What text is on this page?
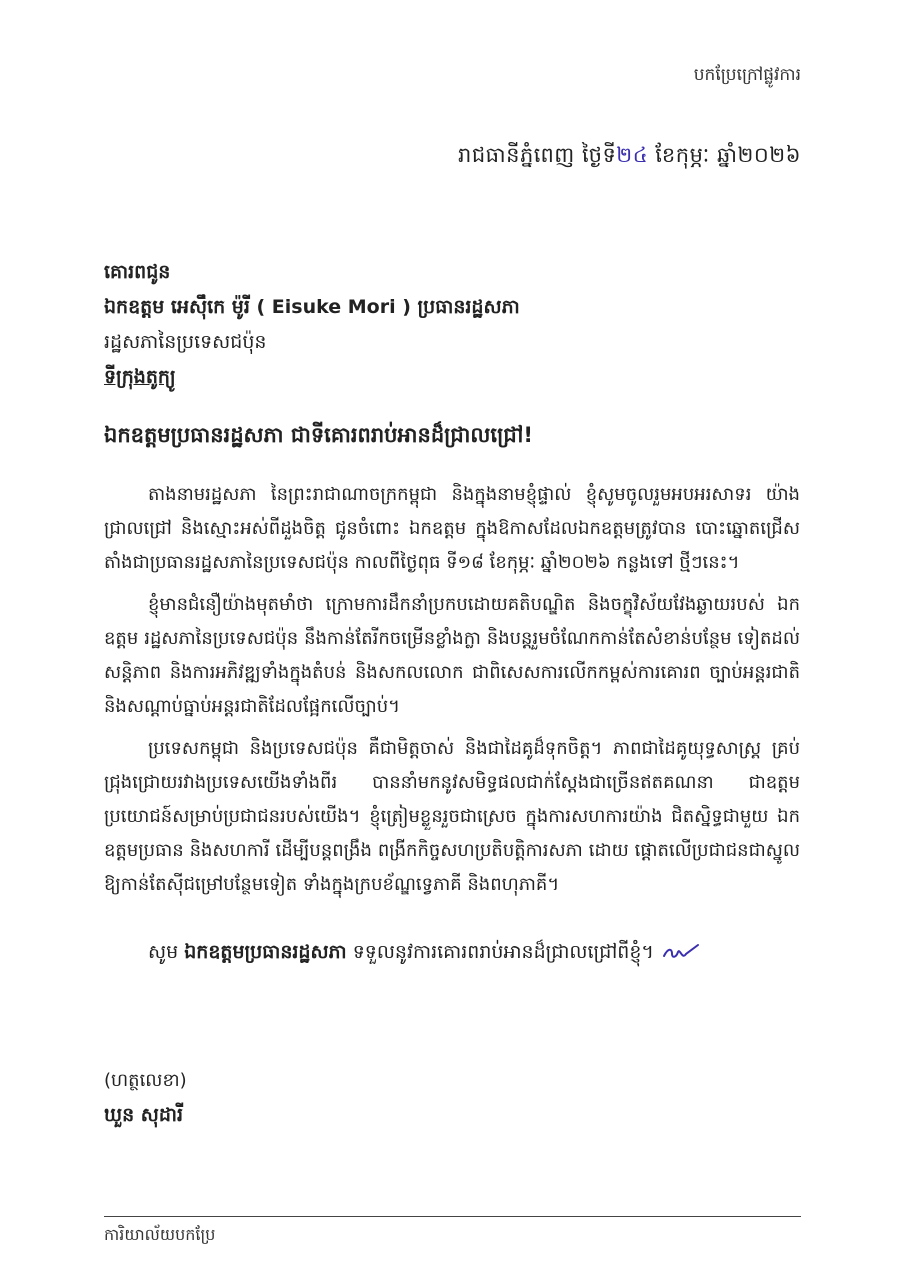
បកប្រែក្រៅផ្លូវការ
រាជធានីភ្នំពេញ ថ្ងៃទី២៤ ខែកុម្ភៈ ឆ្នាំ២០២៦
គោរពជូន
ឯកឧត្តម អេស៊ឹកេ ម៉ូរី ( Eisuke Mori ) ប្រធានរដ្ឋសភា
រដ្ឋសភានៃប្រទេសជប៉ុន
ទីក្រុងតូក្យូ
ឯកឧត្តមប្រធានរដ្ឋសភា ជាទីគោរពរាប់អានដ៏ជ្រាលជ្រៅ!

តាងនាមរដ្ឋសភា នៃព្រះរាជាណាចក្រកម្ពុជា និងក្នុងនាមខ្ញុំផ្ទាល់ ខ្ញុំសូមចូលរួមអបអរសាទរ យ៉ាងជ្រាលជ្រៅ និងស្មោះអស់ពីដួងចិត្ត ជូនចំពោះ ឯកឧត្តម ក្នុងឱកាសដែលឯកឧត្តមត្រូវបាន បោះឆ្នោតជ្រើសតាំងជាប្រធានរដ្ឋសភានៃប្រទេសជប៉ុន កាលពីថ្ងៃពុធ ទី១៨ ខែកុម្ភៈ ឆ្នាំ២០២៦ កន្លងទៅ ថ្មីៗនេះ។

ខ្ញុំមានជំនឿយ៉ាងមុតមាំថា ក្រោមការដឹកនាំប្រកបដោយគតិបណ្ឌិត និងចក្ខុវិស័យវែងឆ្ងាយរបស់ ឯកឧត្តម រដ្ឋសភានៃប្រទេសជប៉ុន នឹងកាន់តែរីកចម្រើនខ្លាំងក្លា និងបន្តរួមចំណែកកាន់តែសំខាន់បន្ថែម ទៀតដល់សន្តិភាព និងការអភិវឌ្ឍទាំងក្នុងតំបន់ និងសកលលោក ជាពិសេសការលើកកម្ពស់ការគោរព ច្បាប់អន្តរជាតិ និងសណ្តាប់ធ្នាប់អន្តរជាតិដែលផ្អែកលើច្បាប់។

ប្រទេសកម្ពុជា និងប្រទេសជប៉ុន គឺជាមិត្តចាស់ និងជាដៃគូដ៏ទុកចិត្ត។ ភាពជាដៃគូយុទ្ធសាស្ត្រ គ្រប់ជ្រុងជ្រោយរវាងប្រទេសយើងទាំងពីរ បាននាំមកនូវសមិទ្ធផលជាក់ស្តែងជាច្រើនឥតគណនា ជាឧត្តមប្រយោជន៍សម្រាប់ប្រជាជនរបស់យើង។ ខ្ញុំត្រៀមខ្លួនរួចជាស្រេច ក្នុងការសហការយ៉ាង ជិតស្និទ្ធជាមួយ ឯកឧត្តមប្រធាន និងសហការី ដើម្បីបន្តពង្រឹង ពង្រីកកិច្ចសហប្រតិបត្តិការសភា ដោយ ផ្តោតលើប្រជាជនជាស្នូល ឱ្យកាន់តែស៊ីជម្រៅបន្ថែមទៀត ទាំងក្នុងក្របខ័ណ្ឌទ្វេភាគី និងពហុភាគី។

សូម ឯកឧត្តមប្រធានរដ្ឋសភា ទទួលនូវការគោរពរាប់អានដ៏ជ្រាលជ្រៅពីខ្ញុំ។
(ហត្ថលេខា)
ឃួន សុដារី
ការិយាល័យបកប្រែ
